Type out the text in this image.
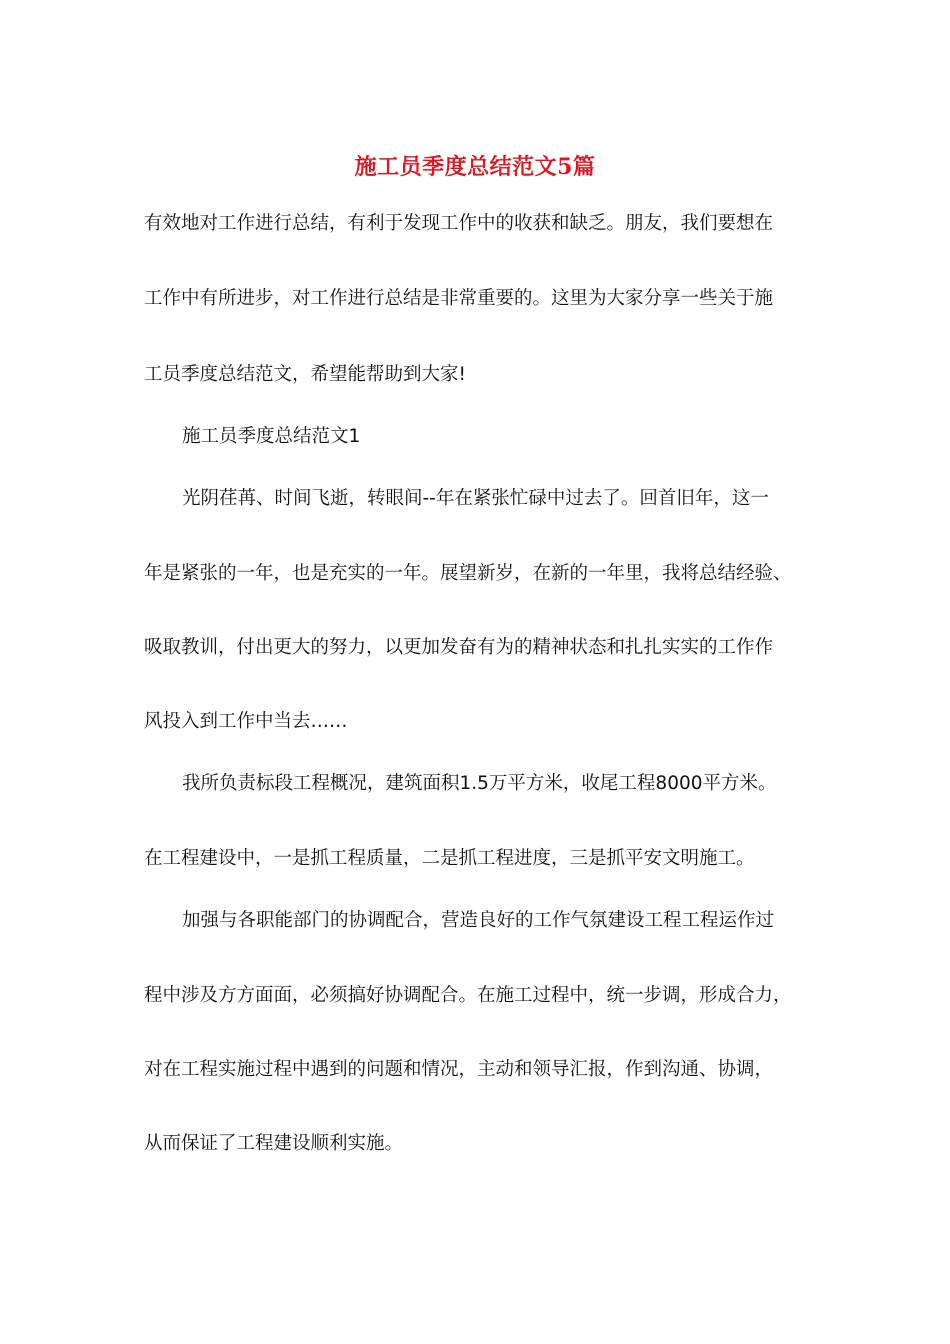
施工员季度总结范文5篇
有效地对工作进行总结，有利于发现工作中的收获和缺乏。朋友，我们要想在
工作中有所进步，对工作进行总结是非常重要的。这里为大家分享一些关于施
工员季度总结范文，希望能帮助到大家!
施工员季度总结范文1
光阴荏苒、时间飞逝，转眼间--年在紧张忙碌中过去了。回首旧年，这一
年是紧张的一年，也是充实的一年。展望新岁，在新的一年里，我将总结经验、
吸取教训，付出更大的努力，以更加发奋有为的精神状态和扎扎实实的工作作
风投入到工作中当去……
我所负责标段工程概况，建筑面积1.5万平方米，收尾工程8000平方米。
在工程建设中，一是抓工程质量，二是抓工程进度，三是抓平安文明施工。
加强与各职能部门的协调配合，营造良好的工作气氛建设工程工程运作过
程中涉及方方面面，必须搞好协调配合。在施工过程中，统一步调，形成合力，
对在工程实施过程中遇到的问题和情况，主动和领导汇报，作到沟通、协调，
从而保证了工程建设顺利实施。
